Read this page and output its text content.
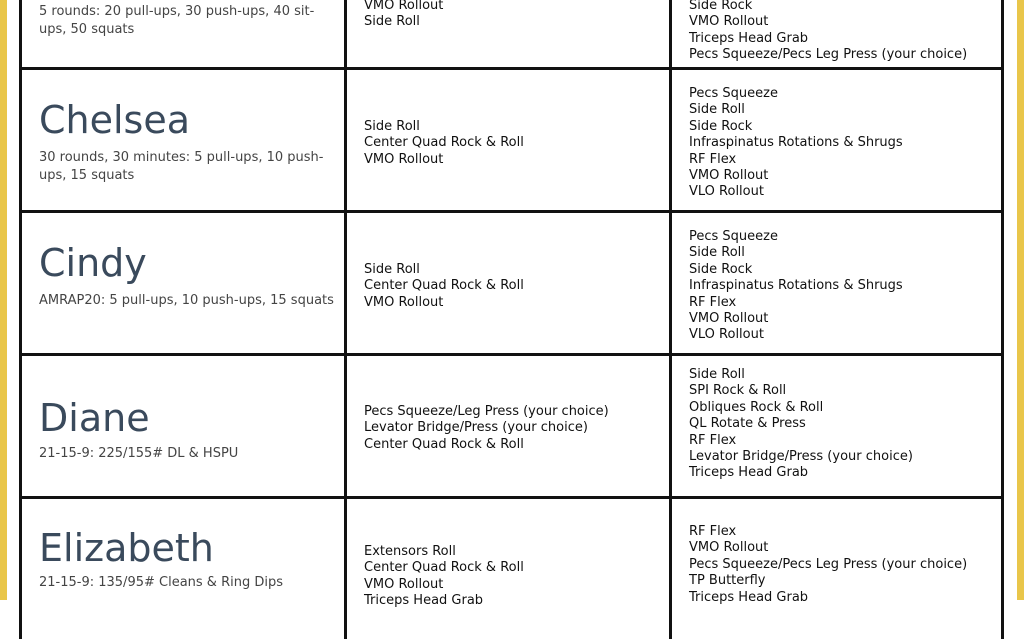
5 rounds: 20 pull-ups, 30 push-ups, 40 sit-ups, 50 squats
VMO Rollout
Side Roll
Side Rock
VMO Rollout
Triceps Head Grab
Pecs Squeeze/Pecs Leg Press (your choice)
Chelsea
30 rounds, 30 minutes: 5 pull-ups, 10 push-ups, 15 squats
Side Roll
Center Quad Rock & Roll
VMO Rollout
Pecs Squeeze
Side Roll
Side Rock
Infraspinatus Rotations & Shrugs
RF Flex
VMO Rollout
VLO Rollout
Cindy
AMRAP20: 5 pull-ups, 10 push-ups, 15 squats
Side Roll
Center Quad Rock & Roll
VMO Rollout
Pecs Squeeze
Side Roll
Side Rock
Infraspinatus Rotations & Shrugs
RF Flex
VMO Rollout
VLO Rollout
Diane
21-15-9: 225/155# DL & HSPU
Pecs Squeeze/Leg Press (your choice)
Levator Bridge/Press (your choice)
Center Quad Rock & Roll
Side Roll
SPI Rock & Roll
Obliques Rock & Roll
QL Rotate & Press
RF Flex
Levator Bridge/Press (your choice)
Triceps Head Grab
Elizabeth
21-15-9: 135/95# Cleans & Ring Dips
Extensors Roll
Center Quad Rock & Roll
VMO Rollout
Triceps Head Grab
RF Flex
VMO Rollout
Pecs Squeeze/Pecs Leg Press (your choice)
TP Butterfly
Triceps Head Grab
